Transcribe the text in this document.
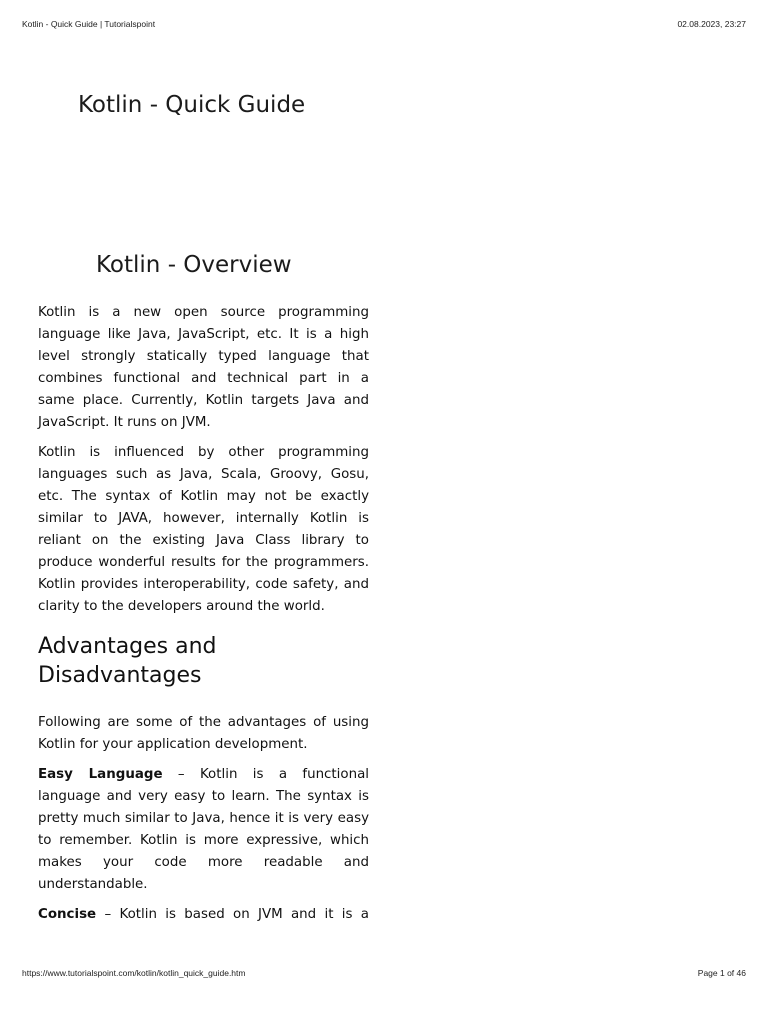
Kotlin - Quick Guide | Tutorialspoint	02.08.2023, 23:27
Kotlin - Quick Guide
Kotlin - Overview

Kotlin is a new open source programming language like Java, JavaScript, etc. It is a high level strongly statically typed language that combines functional and technical part in a same place. Currently, Kotlin targets Java and JavaScript. It runs on JVM.

Kotlin is influenced by other programming languages such as Java, Scala, Groovy, Gosu, etc. The syntax of Kotlin may not be exactly similar to JAVA, however, internally Kotlin is reliant on the existing Java Class library to produce wonderful results for the programmers. Kotlin provides interoperability, code safety, and clarity to the developers around the world.

Advantages and
Disadvantages

Following are some of the advantages of using Kotlin for your application development.

Easy Language – Kotlin is a functional language and very easy to learn. The syntax is pretty much similar to Java, hence it is very easy to remember. Kotlin is more expressive, which makes your code more readable and understandable.

Concise – Kotlin is based on JVM and it is a

https://www.tutorialspoint.com/kotlin/kotlin_quick_guide.htm	Page 1 of 46
